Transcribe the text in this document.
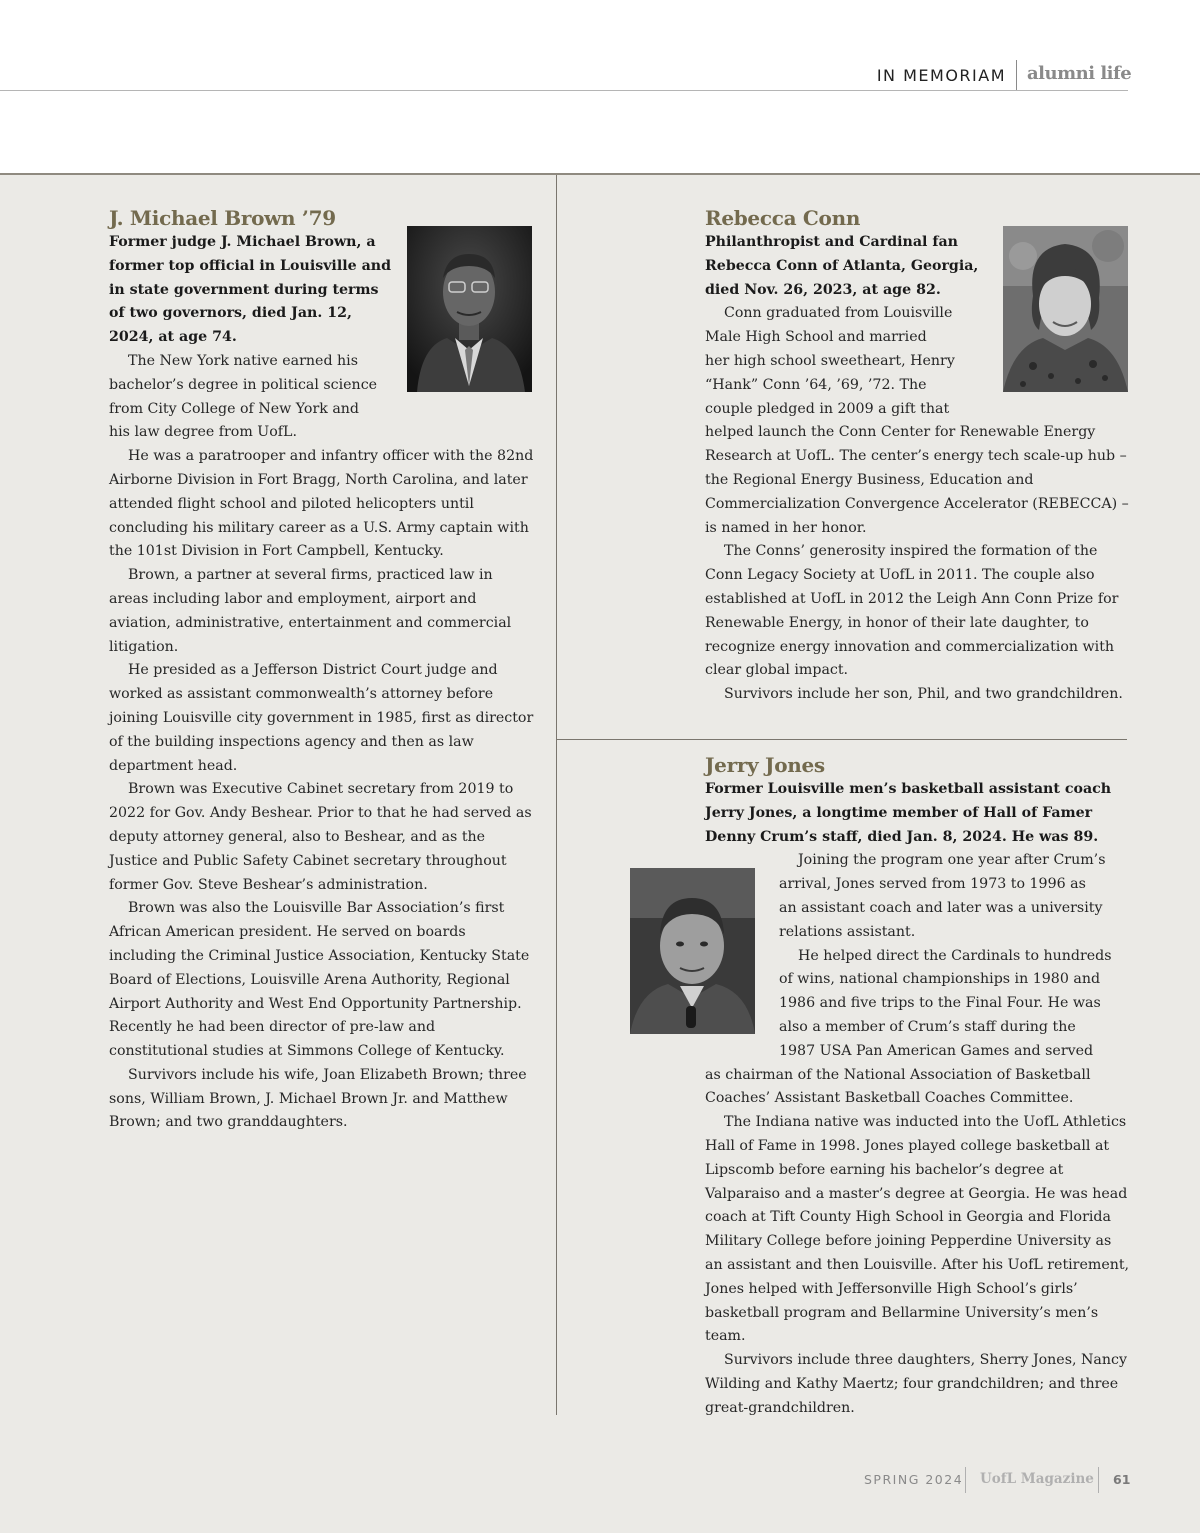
IN MEMORIAM alumni life
J. Michael Brown ’79

Former judge J. Michael Brown, a

former top official in Louisville and

in state government during terms

of two governors, died Jan. 12,

2024, at age 74.

The New York native earned his

bachelor’s degree in political science

from City College of New York and

his law degree from UofL.

He was a paratrooper and infantry officer with the 82nd Airborne Division in Fort Bragg, North Carolina, and later attended flight school and piloted helicopters until concluding his military career as a U.S. Army captain with the 101st Division in Fort Campbell, Kentucky.

Brown, a partner at several firms, practiced law in areas including labor and employment, airport and aviation, administrative, entertainment and commercial litigation.

He presided as a Jefferson District Court judge and worked as assistant commonwealth’s attorney before joining Louisville city government in 1985, first as director of the building inspections agency and then as law department head.

Brown was Executive Cabinet secretary from 2019 to 2022 for Gov. Andy Beshear. Prior to that he had served as deputy attorney general, also to Beshear, and as the Justice and Public Safety Cabinet secretary throughout former Gov. Steve Beshear’s administration.

Brown was also the Louisville Bar Association’s first African American president. He served on boards including the Criminal Justice Association, Kentucky State Board of Elections, Louisville Arena Authority, Regional Airport Authority and West End Opportunity Partnership. Recently he had been director of pre-law and constitutional studies at Simmons College of Kentucky.

Survivors include his wife, Joan Elizabeth Brown; three sons, William Brown, J. Michael Brown Jr. and Matthew Brown; and two granddaughters.

Rebecca Conn

Philanthropist and Cardinal fan

Rebecca Conn of Atlanta, Georgia,

died Nov. 26, 2023, at age 82.

Conn graduated from Louisville

Male High School and married

her high school sweetheart, Henry

“Hank” Conn ’64, ’69, ’72. The

couple pledged in 2009 a gift that

helped launch the Conn Center for Renewable Energy Research at UofL. The center’s energy tech scale-up hub – the Regional Energy Business, Education and Commercialization Convergence Accelerator (REBECCA) – is named in her honor.

The Conns’ generosity inspired the formation of the Conn Legacy Society at UofL in 2011. The couple also established at UofL in 2012 the Leigh Ann Conn Prize for Renewable Energy, in honor of their late daughter, to recognize energy innovation and commercialization with clear global impact.

Survivors include her son, Phil, and two grandchildren.

Jerry Jones

Former Louisville men’s basketball assistant coach

Jerry Jones, a longtime member of Hall of Famer

Denny Crum’s staff, died Jan. 8, 2024. He was 89.

Joining the program one year after Crum’s

arrival, Jones served from 1973 to 1996 as

an assistant coach and later was a university

relations assistant.

He helped direct the Cardinals to hundreds

of wins, national championships in 1980 and

1986 and five trips to the Final Four. He was

also a member of Crum’s staff during the

1987 USA Pan American Games and served

as chairman of the National Association of Basketball Coaches’ Assistant Basketball Coaches Committee.

The Indiana native was inducted into the UofL Athletics Hall of Fame in 1998. Jones played college basketball at Lipscomb before earning his bachelor’s degree at Valparaiso and a master’s degree at Georgia. He was head coach at Tift County High School in Georgia and Florida Military College before joining Pepperdine University as an assistant and then Louisville. After his UofL retirement, Jones helped with Jeffersonville High School’s girls’ basketball program and Bellarmine University’s men’s team.

Survivors include three daughters, Sherry Jones, Nancy Wilding and Kathy Maertz; four grandchildren; and three great-grandchildren.

SPRING 2024 UofL Magazine 61
